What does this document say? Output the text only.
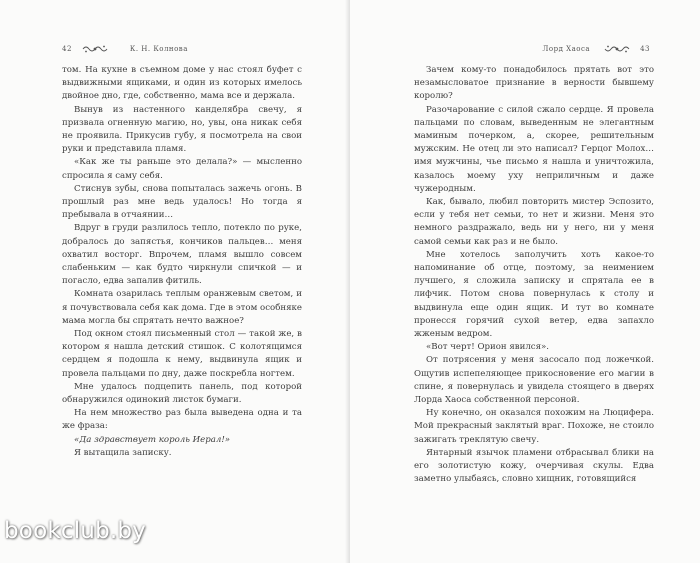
42	К. Н. Колнова

том. На кухне в съемном доме у нас стоял буфет с выдвижными ящиками, и один из которых имелось двойное дно, где, собственно, мама все и держала.

Вынув из настенного канделябра свечу, я призвала огненную магию, но, увы, она никак себя не проявила. Прикусив губу, я посмотрела на свои руки и представила пламя.

«Как же ты раньше это делала?» — мысленно спросила я саму себя.

Стиснув зубы, снова попыталась зажечь огонь. В прошлый раз мне ведь удалось! Но тогда я пребывала в отчаянии…

Вдруг в груди разлилось тепло, потекло по руке, добралось до запястья, кончиков пальцев… меня охватил восторг. Впрочем, пламя вышло совсем слабеньким — как будто чиркнули спичкой — и погасло, едва запалив фитиль.

Комната озарилась теплым оранжевым светом, и я почувствовала себя как дома. Где в этом особняке мама могла бы спрятать нечто важное?

Под окном стоял письменный стол — такой же, в котором я нашла детский стишок. С колотящимся сердцем я подошла к нему, выдвинула ящик и провела пальцами по дну, даже поскребла ногтем.

Мне удалось подцепить панель, под которой обнаружился одинокий листок бумаги.

На нем множество раз была выведена одна и та же фраза:

«Да здравствует король Иерал!»

Я вытащила записку.

Лорд Хаоса	43

Зачем кому-то понадобилось прятать вот это незамысловатое признание в верности бывшему королю?

Разочарование с силой сжало сердце. Я провела пальцами по словам, выведенным не элегантным маминым почерком, а, скорее, решительным мужским. Не отец ли это написал? Герцог Молох… имя мужчины, чье письмо я нашла и уничтожила, казалось моему уху неприличным и даже чужеродным.

Как, бывало, любил повторить мистер Эспозито, если у тебя нет семьи, то нет и жизни. Меня это немного раздражало, ведь ни у него, ни у меня самой семьи как раз и не было.

Мне хотелось заполучить хоть какое-то напоминание об отце, поэтому, за неимением лучшего, я сложила записку и спрятала ее в лифчик. Потом снова повернулась к столу и выдвинула еще один ящик. И тут во комнате пронесся горячий сухой ветер, едва запахло жженым ведром.

«Вот черт! Орион явился».

От потрясения у меня засосало под ложечкой. Ощутив испепеляющее прикосновение его магии в спине, я повернулась и увидела стоящего в дверях Лорда Хаоса собственной персоной.

Ну конечно, он оказался похожим на Люцифера. Мой прекрасный заклятый враг. Похоже, не стоило зажигать треклятую свечу.

Янтарный язычок пламени отбрасывал блики на его золотистую кожу, очерчивая скулы. Едва заметно улыбаясь, словно хищник, готовящийся

bookclub.by
